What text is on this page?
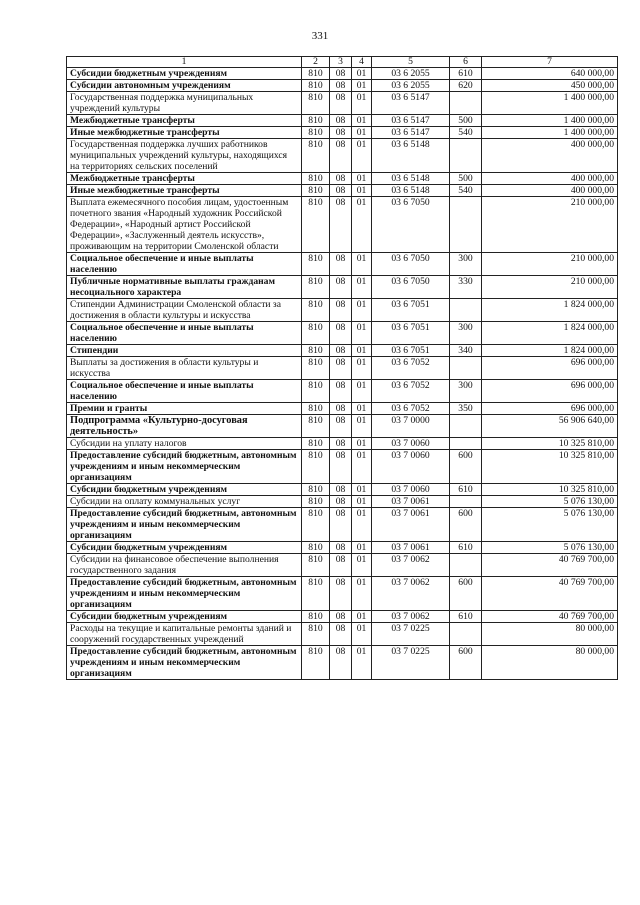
331
1	2	3	4	5	6	7
Субсидии бюджетным учреждениям	810	08	01	03 6 2055	610	640 000,00
Субсидии автономным учреждениям	810	08	01	03 6 2055	620	450 000,00
Государственная поддержка муниципальных учреждений культуры	810	08	01	03 6 5147		1 400 000,00
Межбюджетные трансферты	810	08	01	03 6 5147	500	1 400 000,00
Иные межбюджетные трансферты	810	08	01	03 6 5147	540	1 400 000,00
Государственная поддержка лучших работников муниципальных учреждений культуры, находящихся на территориях сельских поселений	810	08	01	03 6 5148		400 000,00
Межбюджетные трансферты	810	08	01	03 6 5148	500	400 000,00
Иные межбюджетные трансферты	810	08	01	03 6 5148	540	400 000,00
Выплата ежемесячного пособия лицам, удостоенным почетного звания «Народный художник Российской Федерации», «Народный артист Российской Федерации», «Заслуженный деятель искусств», проживающим на территории Смоленской области	810	08	01	03 6 7050		210 000,00
Социальное обеспечение и иные выплаты населению	810	08	01	03 6 7050	300	210 000,00
Публичные нормативные выплаты гражданам несоциального характера	810	08	01	03 6 7050	330	210 000,00
Стипендии Администрации Смоленской области за достижения в области культуры и искусства	810	08	01	03 6 7051		1 824 000,00
Социальное обеспечение и иные выплаты населению	810	08	01	03 6 7051	300	1 824 000,00
Стипендии	810	08	01	03 6 7051	340	1 824 000,00
Выплаты за достижения в области культуры и искусства	810	08	01	03 6 7052		696 000,00
Социальное обеспечение и иные выплаты населению	810	08	01	03 6 7052	300	696 000,00
Премии и гранты	810	08	01	03 6 7052	350	696 000,00
Подпрограмма «Культурно-досуговая деятельность»	810	08	01	03 7 0000		56 906 640,00
Субсидии на уплату налогов	810	08	01	03 7 0060		10 325 810,00
Предоставление субсидий бюджетным, автономным учреждениям и иным некоммерческим организациям	810	08	01	03 7 0060	600	10 325 810,00
Субсидии бюджетным учреждениям	810	08	01	03 7 0060	610	10 325 810,00
Субсидии на оплату коммунальных услуг	810	08	01	03 7 0061		5 076 130,00
Предоставление субсидий бюджетным, автономным учреждениям и иным некоммерческим организациям	810	08	01	03 7 0061	600	5 076 130,00
Субсидии бюджетным учреждениям	810	08	01	03 7 0061	610	5 076 130,00
Субсидии на финансовое обеспечение выполнения государственного задания	810	08	01	03 7 0062		40 769 700,00
Предоставление субсидий бюджетным, автономным учреждениям и иным некоммерческим организациям	810	08	01	03 7 0062	600	40 769 700,00
Субсидии бюджетным учреждениям	810	08	01	03 7 0062	610	40 769 700,00
Расходы на текущие и капитальные ремонты зданий и сооружений государственных учреждений	810	08	01	03 7 0225		80 000,00
Предоставление субсидий бюджетным, автономным учреждениям и иным некоммерческим организациям	810	08	01	03 7 0225	600	80 000,00
